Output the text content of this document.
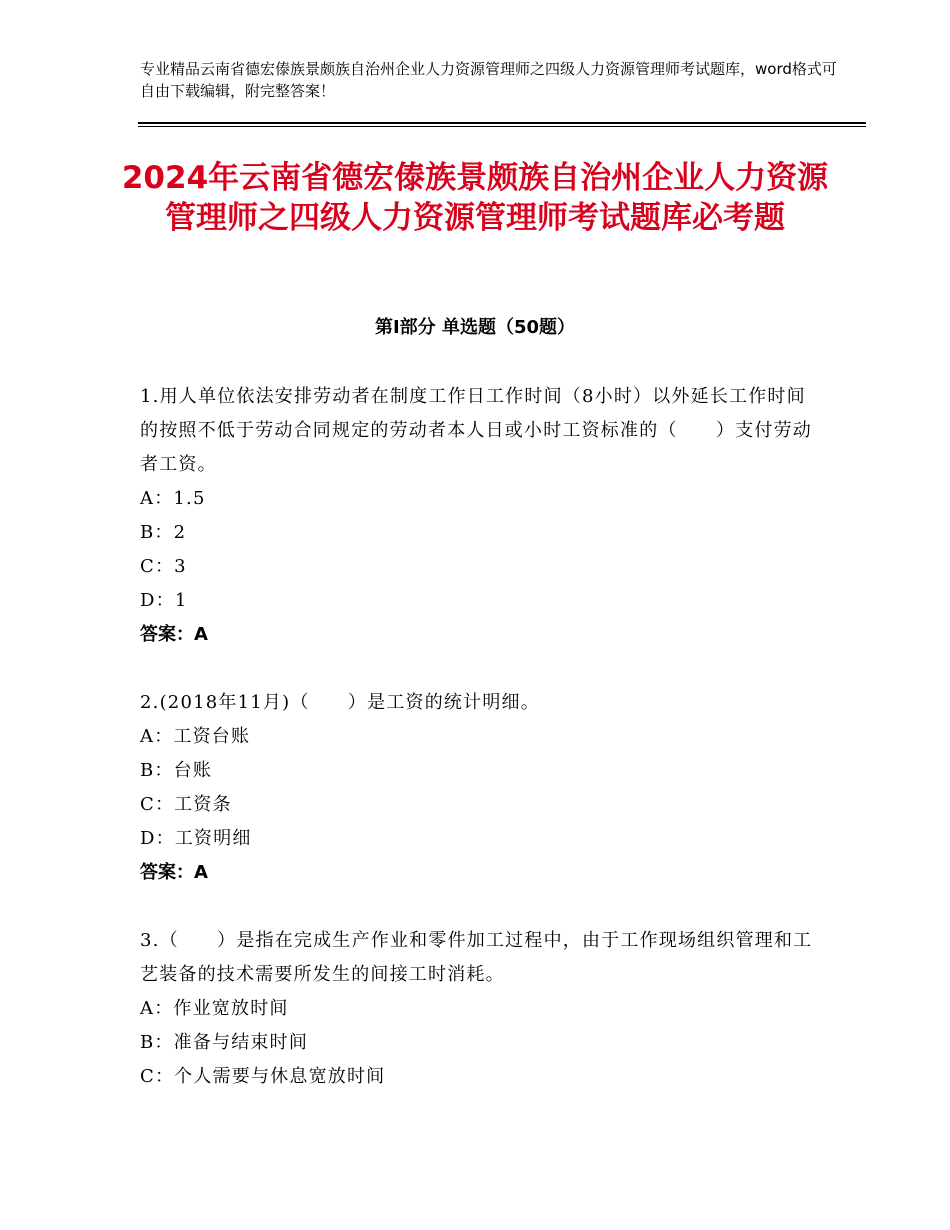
专业精品云南省德宏傣族景颇族自治州企业人力资源管理师之四级人力资源管理师考试题库，word格式可自由下载编辑，附完整答案！
2024年云南省德宏傣族景颇族自治州企业人力资源管理师之四级人力资源管理师考试题库必考题
第Ⅰ部分 单选题（50题）
1.用人单位依法安排劳动者在制度工作日工作时间（8小时）以外延长工作时间的按照不低于劳动合同规定的劳动者本人日或小时工资标准的（　　）支付劳动者工资。
A：1.5
B：2
C：3
D：1
答案：A
2.(2018年11月)（　　）是工资的统计明细。
A：工资台账
B：台账
C：工资条
D：工资明细
答案：A
3.（　　）是指在完成生产作业和零件加工过程中，由于工作现场组织管理和工艺装备的技术需要所发生的间接工时消耗。
A：作业宽放时间
B：准备与结束时间
C：个人需要与休息宽放时间
